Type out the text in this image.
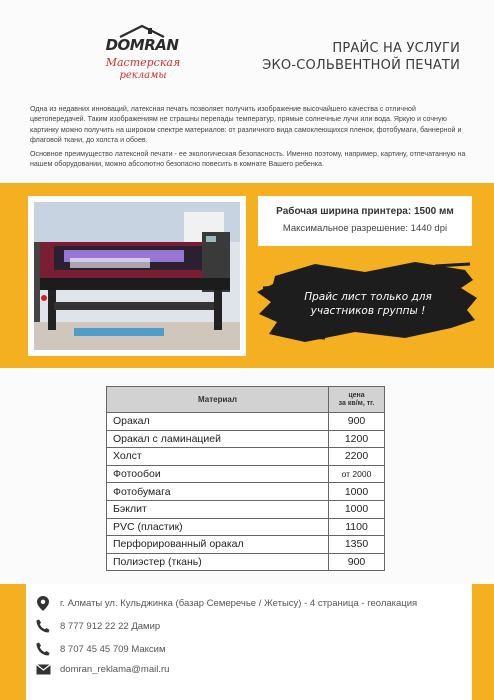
DOMRAN
Мастерская
рекламы
ПРАЙС НА УСЛУГИ
ЭКО-СОЛЬВЕНТНОЙ ПЕЧАТИ

Одна из недавних инноваций, латексная печать позволяет получить изображение высочайшего качества с отличной цветопередачей. Таким изображениям не страшны перепады температур, прямые солнечные лучи или вода. Яркую и сочную картинку можно получить на широком спектре материалов: от различного вида самоклеющихся пленок, фотобумаги, баннерной и флаговой ткани, до холста и обоев.

Основное преимущество латексной печати - ее экологическая безопасность. Именно поэтому, например, картину, отпечатанную на нашем оборудовании, можно абсолютно безопасно повесить в комнате Вашего ребенка.

Рабочая ширина принтера: 1500 мм
Максимальное разрешение: 1440 dpi
Прайс лист только для
участников группы !
Материал	цена
за кв/м, тг.

Оракал	900
Оракал с ламинацией	1200
Холст	2200
Фотообои	от 2000
Фотобумага	1000
Бэклит	1000
PVC (пластик)	1100
Перфорированный оракал	1350
Полиэстер (ткань)	900
г. Алматы ул. Кульджинка (базар Семеречье / Жетысу) - 4 страница - геолакация
8 777 912 22 22 Дамир
8 707 45 45 709 Максим
domran_reklama@mail.ru
